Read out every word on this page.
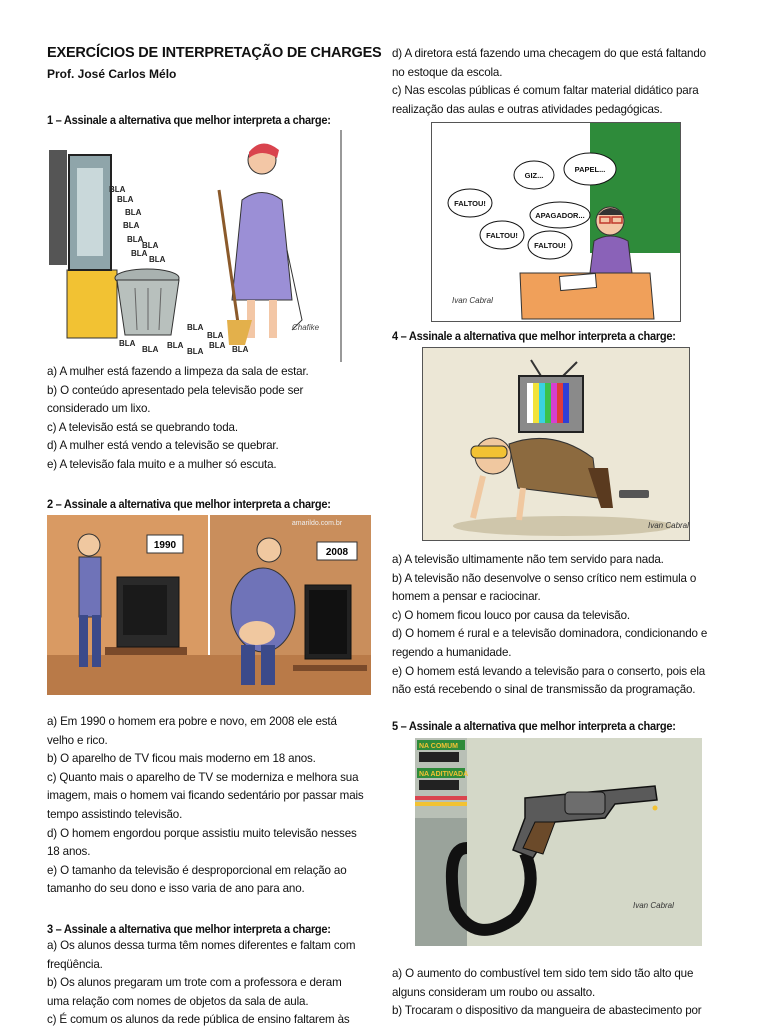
EXERCÍCIOS DE INTERPRETAÇÃO DE CHARGES
Prof. José Carlos Mélo
1 – Assinale a alternativa que melhor interpreta a charge:
BLA
BLA
BLA
BLA
BLA
BLA
BLA
BLA
BLA
BLA BLA
BLA
BLA BLA
BLA
BLA
Chafike
a) A mulher está fazendo a limpeza da sala de estar.
b) O conteúdo apresentado pela televisão pode ser
considerado um lixo.
c) A televisão está se quebrando toda.
d) A mulher está vendo a televisão se quebrar.
e) A televisão fala muito e a mulher só escuta.
2 – Assinale a alternativa que melhor interpreta a charge:
1990
2008
amarildo.com.br
a) Em 1990 o homem era pobre e novo, em 2008 ele está
velho e rico.
b) O aparelho de TV ficou mais moderno em 18 anos.
c) Quanto mais o aparelho de TV se moderniza e melhora sua
imagem, mais o homem vai ficando sedentário por passar mais
tempo assistindo televisão.
d) O homem engordou porque assistiu muito televisão nesses
18 anos.
e) O tamanho da televisão é desproporcional em relação ao
tamanho do seu dono e isso varia de ano para ano.
3 – Assinale a alternativa que melhor interpreta a charge:
a) Os alunos dessa turma têm nomes diferentes e faltam com
freqüência.
b) Os alunos pregaram um trote com a professora e deram
uma relação com nomes de objetos da sala de aula.
c) É comum os alunos da rede pública de ensino faltarem às
d) A diretora está fazendo uma checagem do que está faltando
no estoque da escola.
c) Nas escolas públicas é comum faltar material didático para
realização das aulas e outras atividades pedagógicas.
FALTOU!
GIZ...
PAPEL...
APAGADOR...
FALTOU!
FALTOU!
Ivan Cabral
4 – Assinale a alternativa que melhor interpreta a charge:
Ivan Cabral
a) A televisão ultimamente não tem servido para nada.
b) A televisão não desenvolve o senso crítico nem estimula o
homem a pensar e raciocinar.
c) O homem ficou louco por causa da televisão.
d) O homem é rural e a televisão dominadora, condicionando e
regendo a humanidade.
e) O homem está levando a televisão para o conserto, pois ela
não está recebendo o sinal de transmissão da programação.
5 – Assinale a alternativa que melhor interpreta a charge:
NA COMUM
NA ADITIVADA
Ivan Cabral
a) O aumento do combustível tem sido tem sido tão alto que
alguns consideram um roubo ou assalto.
b) Trocaram o dispositivo da mangueira de abastecimento por
